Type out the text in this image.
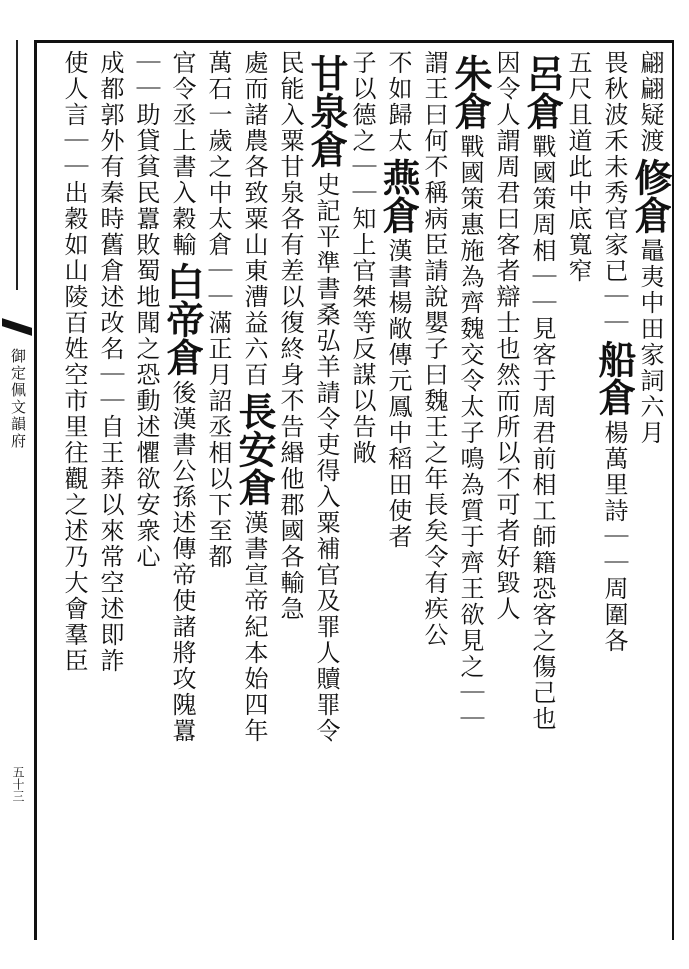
御定佩文韻府
五十三
翩翩疑渡修倉鼂夷中田家詞六月
畏秋波禾未秀官家已｜｜船倉楊萬里詩｜｜周圍各
五尺且道此中底寬窄
呂倉戰國策周相｜｜見客于周君前相工師籍恐客之傷己也
因令人謂周君曰客者辯士也然而所以不可者好毀人
朱倉戰國策惠施為齊魏交令太子鳴為質于齊王欲見之｜｜
謂王曰何不稱病臣請說嬰子曰魏王之年長矣令有疾公
不如歸太燕倉漢書楊敞傳元鳳中稻田使者
子以德之｜｜知上官桀等反謀以告敞
甘泉倉史記平準書桑弘羊請令吏得入粟補官及罪人贖罪令
民能入粟甘泉各有差以復終身不告緡他郡國各輸急
處而諸農各致粟山東漕益六百長安倉漢書宣帝紀本始四年
萬石一歲之中太倉｜｜滿正月詔丞相以下至都
官令丞上書入穀輸白帝倉後漢書公孫述傳帝使諸將攻隗囂
｜｜助貸貧民囂敗蜀地聞之恐動述懼欲安衆心
成都郭外有秦時舊倉述改名｜｜自王莽以來常空述即詐
使人言｜｜出穀如山陵百姓空市里往觀之述乃大會羣臣
